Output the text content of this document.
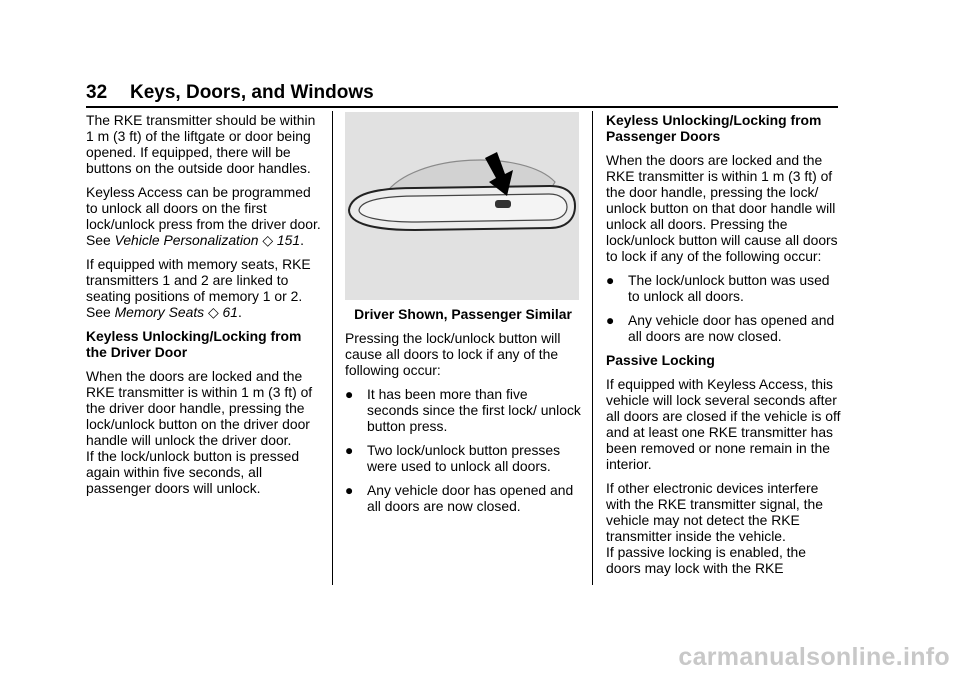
32 Keys, Doors, and Windows

The RKE transmitter should be within 1 m (3 ft) of the liftgate or door being opened. If equipped, there will be buttons on the outside door handles.

Keyless Access can be programmed to unlock all doors on the first lock/unlock press from the driver door. See Vehicle Personalization ◇ 151.

If equipped with memory seats, RKE transmitters 1 and 2 are linked to seating positions of memory 1 or 2. See Memory Seats ◇ 61.

Keyless Unlocking/Locking from the Driver Door

When the doors are locked and the RKE transmitter is within 1 m (3 ft) of the driver door handle, pressing the lock/unlock button on the driver door handle will unlock the driver door.

If the lock/unlock button is pressed again within five seconds, all passenger doors will unlock.

Driver Shown, Passenger Similar

Pressing the lock/unlock button will cause all doors to lock if any of the following occur:

● It has been more than five seconds since the first lock/ unlock button press.
● Two lock/unlock button presses were used to unlock all doors.
● Any vehicle door has opened and all doors are now closed.

Keyless Unlocking/Locking from Passenger Doors

When the doors are locked and the RKE transmitter is within 1 m (3 ft) of the door handle, pressing the lock/ unlock button on that door handle will unlock all doors. Pressing the lock/unlock button will cause all doors to lock if any of the following occur:

● The lock/unlock button was used to unlock all doors.
● Any vehicle door has opened and all doors are now closed.

Passive Locking

If equipped with Keyless Access, this vehicle will lock several seconds after all doors are closed if the vehicle is off and at least one RKE transmitter has been removed or none remain in the interior.

If other electronic devices interfere with the RKE transmitter signal, the vehicle may not detect the RKE transmitter inside the vehicle.

If passive locking is enabled, the doors may lock with the RKE

carmanualsonline.info
